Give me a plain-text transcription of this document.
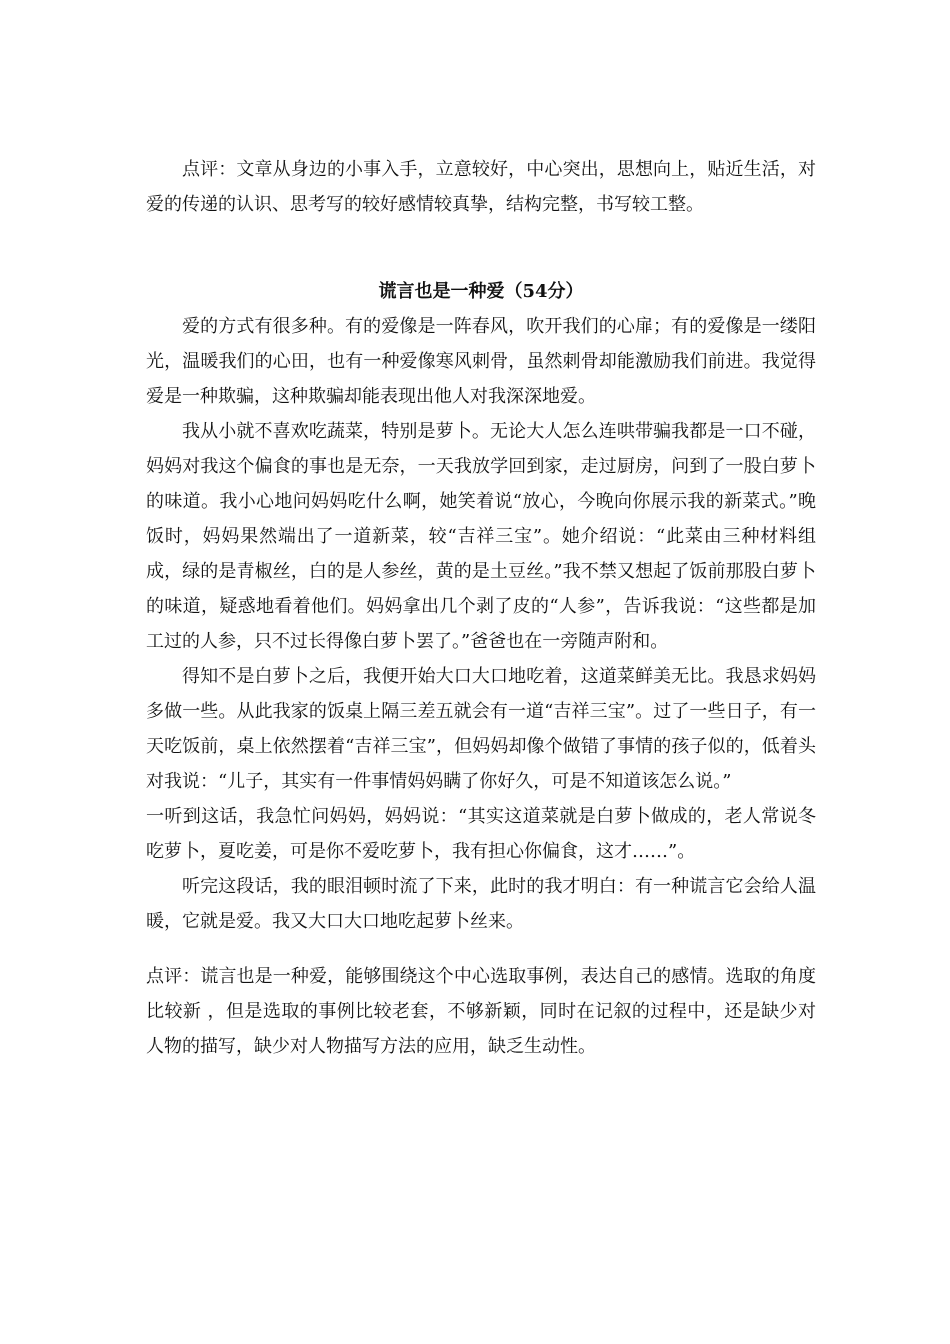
点评：文章从身边的小事入手，立意较好，中心突出，思想向上，贴近生活，对爱的传递的认识、思考写的较好感情较真挚，结构完整，书写较工整。

谎言也是一种爱（54分）

爱的方式有很多种。有的爱像是一阵春风，吹开我们的心扉；有的爱像是一缕阳光，温暖我们的心田，也有一种爱像寒风刺骨，虽然刺骨却能激励我们前进。我觉得爱是一种欺骗，这种欺骗却能表现出他人对我深深地爱。

我从小就不喜欢吃蔬菜，特别是萝卜。无论大人怎么连哄带骗我都是一口不碰，妈妈对我这个偏食的事也是无奈，一天我放学回到家，走过厨房，问到了一股白萝卜的味道。我小心地问妈妈吃什么啊，她笑着说“放心，今晚向你展示我的新菜式。”晚饭时，妈妈果然端出了一道新菜，较“吉祥三宝”。她介绍说：“此菜由三种材料组成，绿的是青椒丝，白的是人参丝，黄的是土豆丝。”我不禁又想起了饭前那股白萝卜的味道，疑惑地看着他们。妈妈拿出几个剥了皮的“人参”，告诉我说：“这些都是加工过的人参，只不过长得像白萝卜罢了。”爸爸也在一旁随声附和。

得知不是白萝卜之后，我便开始大口大口地吃着，这道菜鲜美无比。我恳求妈妈多做一些。从此我家的饭桌上隔三差五就会有一道“吉祥三宝”。过了一些日子，有一天吃饭前，桌上依然摆着“吉祥三宝”，但妈妈却像个做错了事情的孩子似的，低着头对我说：“儿子，其实有一件事情妈妈瞒了你好久，可是不知道该怎么说。”

一听到这话，我急忙问妈妈，妈妈说：“其实这道菜就是白萝卜做成的，老人常说冬吃萝卜，夏吃姜，可是你不爱吃萝卜，我有担心你偏食，这才……”。

听完这段话，我的眼泪顿时流了下来，此时的我才明白：有一种谎言它会给人温暖，它就是爱。我又大口大口地吃起萝卜丝来。

点评：谎言也是一种爱，能够围绕这个中心选取事例，表达自己的感情。选取的角度比较新 ，但是选取的事例比较老套，不够新颖，同时在记叙的过程中，还是缺少对人物的描写，缺少对人物描写方法的应用，缺乏生动性。
